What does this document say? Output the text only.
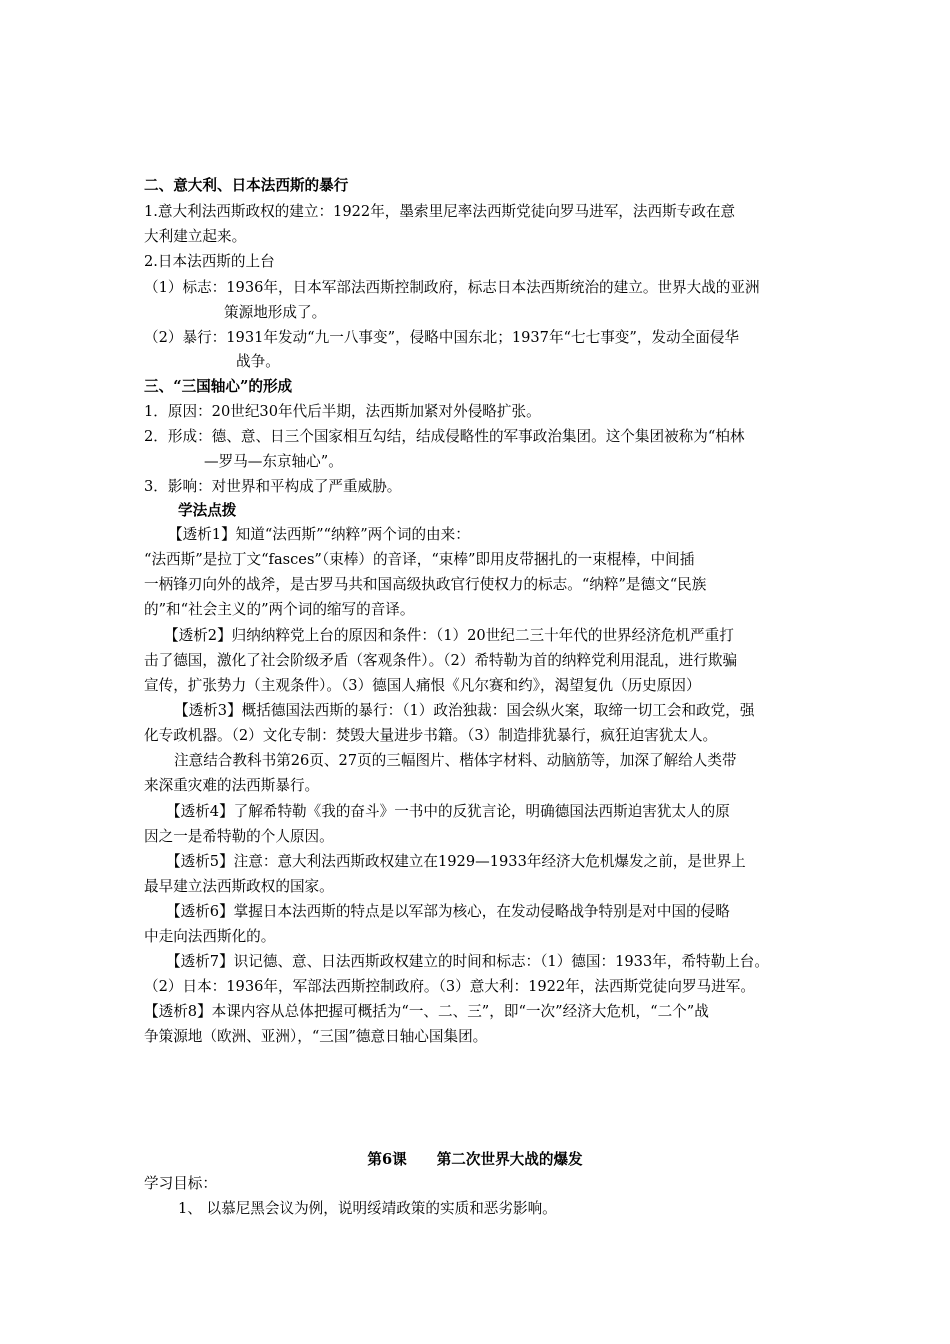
二、意大利、日本法西斯的暴行
1.意大利法西斯政权的建立：1922年，墨索里尼率法西斯党徒向罗马进军，法西斯专政在意
大利建立起来。
2.日本法西斯的上台
（1）标志：1936年，日本军部法西斯控制政府，标志日本法西斯统治的建立。世界大战的亚洲
策源地形成了。
（2）暴行：1931年发动“九一八事变”，侵略中国东北；1937年“七七事变”，发动全面侵华
战争。
三、“三国轴心”的形成
1．原因：20世纪30年代后半期，法西斯加紧对外侵略扩张。
2．形成：德、意、日三个国家相互勾结，结成侵略性的军事政治集团。这个集团被称为“柏林
—罗马—东京轴心”。
3．影响：对世界和平构成了严重威胁。
学法点拨
【透析1】知道“法西斯”“纳粹”两个词的由来：
“法西斯”是拉丁文“fasces”（束棒）的音译，“束棒”即用皮带捆扎的一束棍棒，中间插
一柄锋刃向外的战斧，是古罗马共和国高级执政官行使权力的标志。“纳粹”是德文“民族
的”和“社会主义的”两个词的缩写的音译。
【透析2】归纳纳粹党上台的原因和条件：（1）20世纪二三十年代的世界经济危机严重打
击了德国，激化了社会阶级矛盾（客观条件）。（2）希特勒为首的纳粹党利用混乱，进行欺骗
宣传，扩张势力（主观条件）。（3）德国人痛恨《凡尔赛和约》，渴望复仇（历史原因）
【透析3】概括德国法西斯的暴行：（1）政治独裁：国会纵火案，取缔一切工会和政党，强
化专政机器。（2）文化专制：焚毁大量进步书籍。（3）制造排犹暴行，疯狂迫害犹太人。
注意结合教科书第26页、27页的三幅图片、楷体字材料、动脑筋等，加深了解给人类带
来深重灾难的法西斯暴行。
【透析4】了解希特勒《我的奋斗》一书中的反犹言论，明确德国法西斯迫害犹太人的原
因之一是希特勒的个人原因。
【透析5】注意：意大利法西斯政权建立在1929—1933年经济大危机爆发之前，是世界上
最早建立法西斯政权的国家。
【透析6】掌握日本法西斯的特点是以军部为核心，在发动侵略战争特别是对中国的侵略
中走向法西斯化的。
【透析7】识记德、意、日法西斯政权建立的时间和标志：（1）德国：1933年，希特勒上台。
（2）日本：1936年，军部法西斯控制政府。（3）意大利：1922年，法西斯党徒向罗马进军。
【透析8】本课内容从总体把握可概括为“一、二、三”，即“一次”经济大危机，“二个”战
争策源地（欧洲、亚洲），“三国”德意日轴心国集团。
第6课 第二次世界大战的爆发
学习目标：
1、 以慕尼黑会议为例，说明绥靖政策的实质和恶劣影响。
